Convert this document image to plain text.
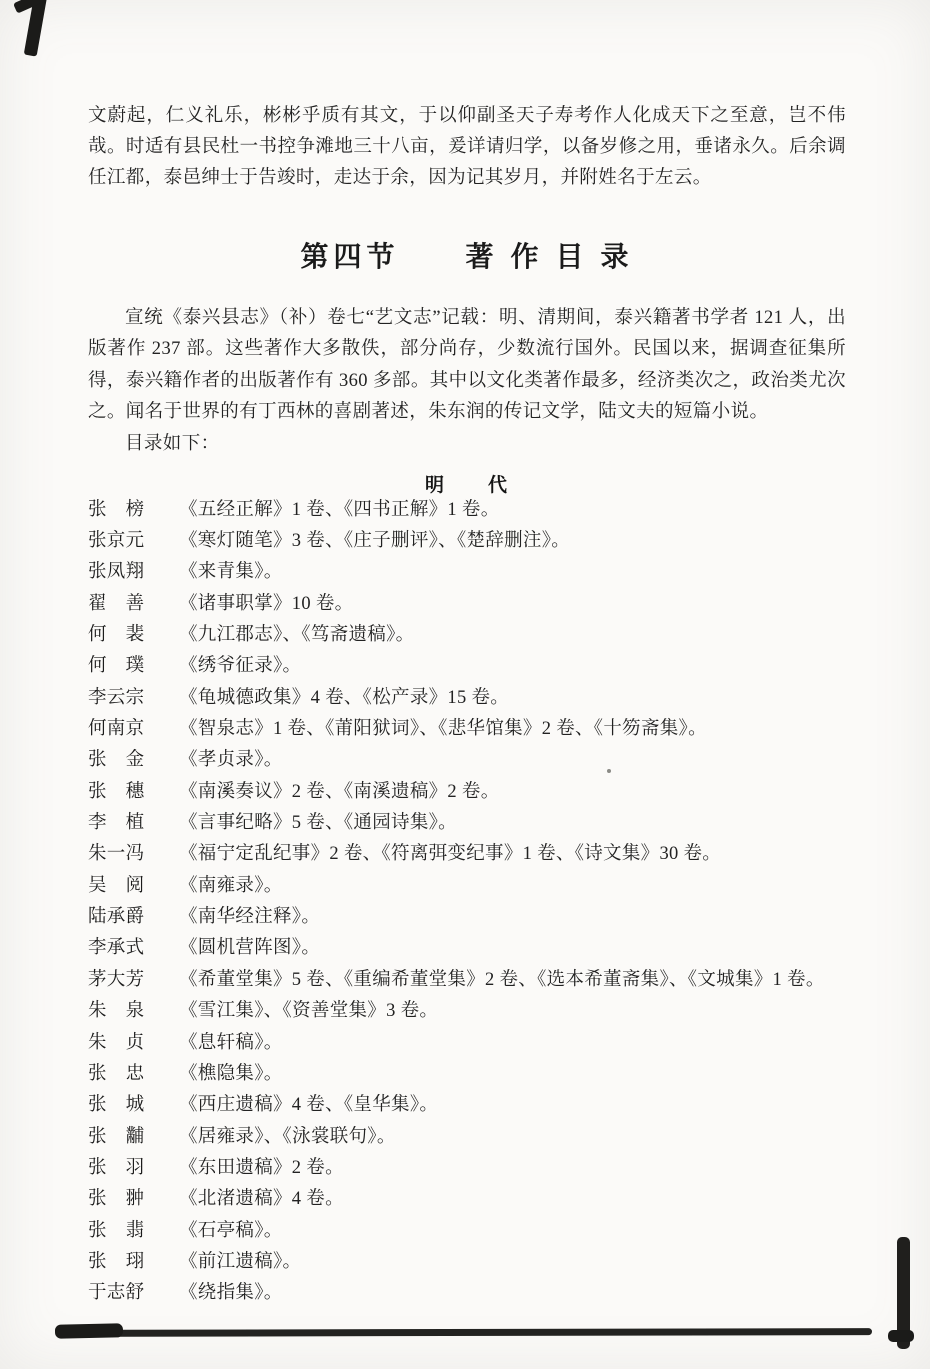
文蔚起，仁义礼乐，彬彬乎质有其文，于以仰副圣天子寿考作人化成天下之至意，岂不伟哉。时适有县民杜一书控争滩地三十八亩，爰详请归学，以备岁修之用，垂诸永久。后余调任江都，泰邑绅士于告竣时，走达于余，因为记其岁月，并附姓名于左云。

第四节　　著 作 目 录

宣统《泰兴县志》（补）卷七“艺文志”记载：明、清期间，泰兴籍著书学者 121 人，出版著作 237 部。这些著作大多散佚，部分尚存，少数流行国外。民国以来，据调查征集所得，泰兴籍作者的出版著作有 360 多部。其中以文化类著作最多，经济类次之，政治类尤次之。闻名于世界的有丁西林的喜剧著述，朱东润的传记文学，陆文夫的短篇小说。

目录如下：

明　　代
张　榜	《五经正解》1 卷、《四书正解》1 卷。
张京元	《寒灯随笔》3 卷、《庄子删评》、《楚辞删注》。
张凤翔	《来青集》。
翟　善	《诸事职掌》10 卷。
何　裴	《九江郡志》、《笃斋遗稿》。
何　璞	《绣爷征录》。
李云宗	《龟城德政集》4 卷、《松产录》15 卷。
何南京	《智泉志》1 卷、《莆阳狱词》、《悲华馆集》2 卷、《十笏斋集》。
张　金	《孝贞录》。
张　穗	《南溪奏议》2 卷、《南溪遗稿》2 卷。
李　植	《言事纪略》5 卷、《通园诗集》。
朱一冯	《福宁定乱纪事》2 卷、《符离弭变纪事》1 卷、《诗文集》30 卷。
吴　阅	《南雍录》。
陆承爵	《南华经注释》。
李承式	《圆机营阵图》。
茅大芳	《希董堂集》5 卷、《重编希董堂集》2 卷、《选本希董斋集》、《文城集》1 卷。
朱　泉	《雪江集》、《资善堂集》3 卷。
朱　贞	《息轩稿》。
张　忠	《樵隐集》。
张　城	《西庄遗稿》4 卷、《皇华集》。
张　黼	《居雍录》、《泳裳联句》。
张　羽	《东田遗稿》2 卷。
张　翀	《北渚遗稿》4 卷。
张　翡	《石亭稿》。
张　珝	《前江遗稿》。
于志舒	《绕指集》。
